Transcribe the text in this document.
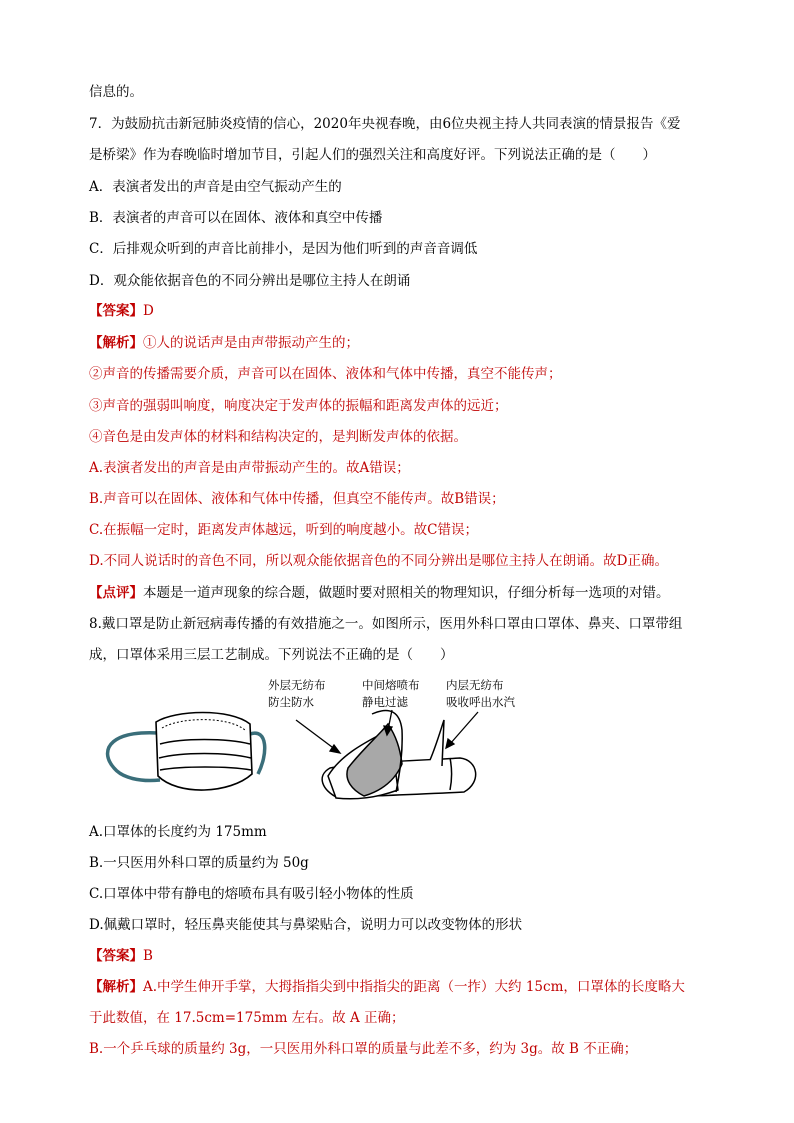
信息的。
7．为鼓励抗击新冠肺炎疫情的信心，2020年央视春晚，由6位央视主持人共同表演的情景报告《爱
是桥梁》作为春晚临时增加节目，引起人们的强烈关注和高度好评。下列说法正确的是（　　）
A．表演者发出的声音是由空气振动产生的
B．表演者的声音可以在固体、液体和真空中传播
C．后排观众听到的声音比前排小，是因为他们听到的声音音调低
D．观众能依据音色的不同分辨出是哪位主持人在朗诵
【答案】D
【解析】①人的说话声是由声带振动产生的；
②声音的传播需要介质，声音可以在固体、液体和气体中传播，真空不能传声；
③声音的强弱叫响度，响度决定于发声体的振幅和距离发声体的远近；
④音色是由发声体的材料和结构决定的，是判断发声体的依据。
A.表演者发出的声音是由声带振动产生的。故A错误；
B.声音可以在固体、液体和气体中传播，但真空不能传声。故B错误；
C.在振幅一定时，距离发声体越远，听到的响度越小。故C错误；
D.不同人说话时的音色不同，所以观众能依据音色的不同分辨出是哪位主持人在朗诵。故D正确。
【点评】本题是一道声现象的综合题，做题时要对照相关的物理知识，仔细分析每一选项的对错。
8.戴口罩是防止新冠病毒传播的有效措施之一。如图所示，医用外科口罩由口罩体、鼻夹、口罩带组
成，口罩体采用三层工艺制成。下列说法不正确的是（　　）
外层无纺布
防尘防水
中间熔喷布
静电过滤
内层无纺布
吸收呼出水汽
A.口罩体的长度约为 175mm
B.一只医用外科口罩的质量约为 50g
C.口罩体中带有静电的熔喷布具有吸引轻小物体的性质
D.佩戴口罩时，轻压鼻夹能使其与鼻梁贴合，说明力可以改变物体的形状
【答案】B
【解析】A.中学生伸开手掌，大拇指指尖到中指指尖的距离（一拃）大约 15cm，口罩体的长度略大
于此数值，在 17.5cm=175mm 左右。故 A 正确；
B.一个乒乓球的质量约 3g，一只医用外科口罩的质量与此差不多，约为 3g。故 B 不正确；
